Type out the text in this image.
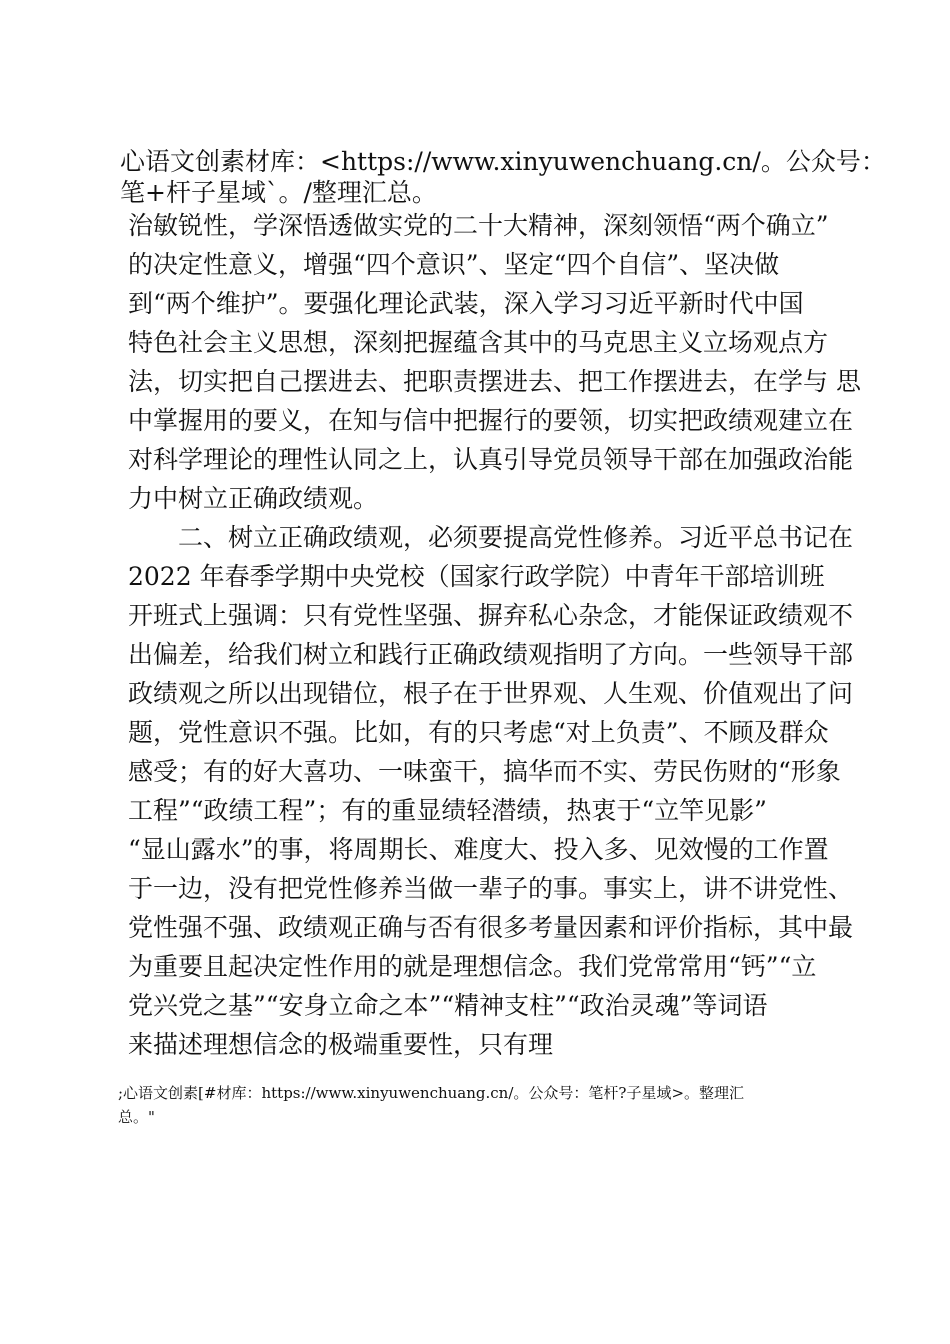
心语文创素材库：<https://www.xinyuwenchuang.cn/。公众号：
笔+杆子星域`。/整理汇总。
治敏锐性，学深悟透做实党的二十大精神，深刻领悟“两个确立”
的决定性意义，增强“四个意识”、坚定“四个自信”、坚决做
到“两个维护”。要强化理论武装，深入学习习近平新时代中国
特色社会主义思想，深刻把握蕴含其中的马克思主义立场观点方
法，切实把自己摆进去、把职责摆进去、把工作摆进去，在学与 思
中掌握用的要义，在知与信中把握行的要领，切实把政绩观建立在
对科学理论的理性认同之上，认真引导党员领导干部在加强政治能
力中树立正确政绩观。
　　二、树立正确政绩观，必须要提高党性修养。习近平总书记在
2022 年春季学期中央党校（国家行政学院）中青年干部培训班
开班式上强调：只有党性坚强、摒弃私心杂念，才能保证政绩观不
出偏差，给我们树立和践行正确政绩观指明了方向。一些领导干部
政绩观之所以出现错位，根子在于世界观、人生观、价值观出了问
题，党性意识不强。比如，有的只考虑“对上负责”、不顾及群众
感受；有的好大喜功、一味蛮干，搞华而不实、劳民伤财的“形象
工程”“政绩工程”；有的重显绩轻潜绩，热衷于“立竿见影”
“显山露水”的事，将周期长、难度大、投入多、见效慢的工作置
于一边，没有把党性修养当做一辈子的事。事实上，讲不讲党性、
党性强不强、政绩观正确与否有很多考量因素和评价指标，其中最
为重要且起决定性作用的就是理想信念。我们党常常用“钙”“立
党兴党之基”“安身立命之本”“精神支柱”“政治灵魂”等词语
来描述理想信念的极端重要性，只有理
;心语文创素[#材库：https://www.xinyuwenchuang.cn/。公众号：笔杆?子星域>。整理汇
总。"
